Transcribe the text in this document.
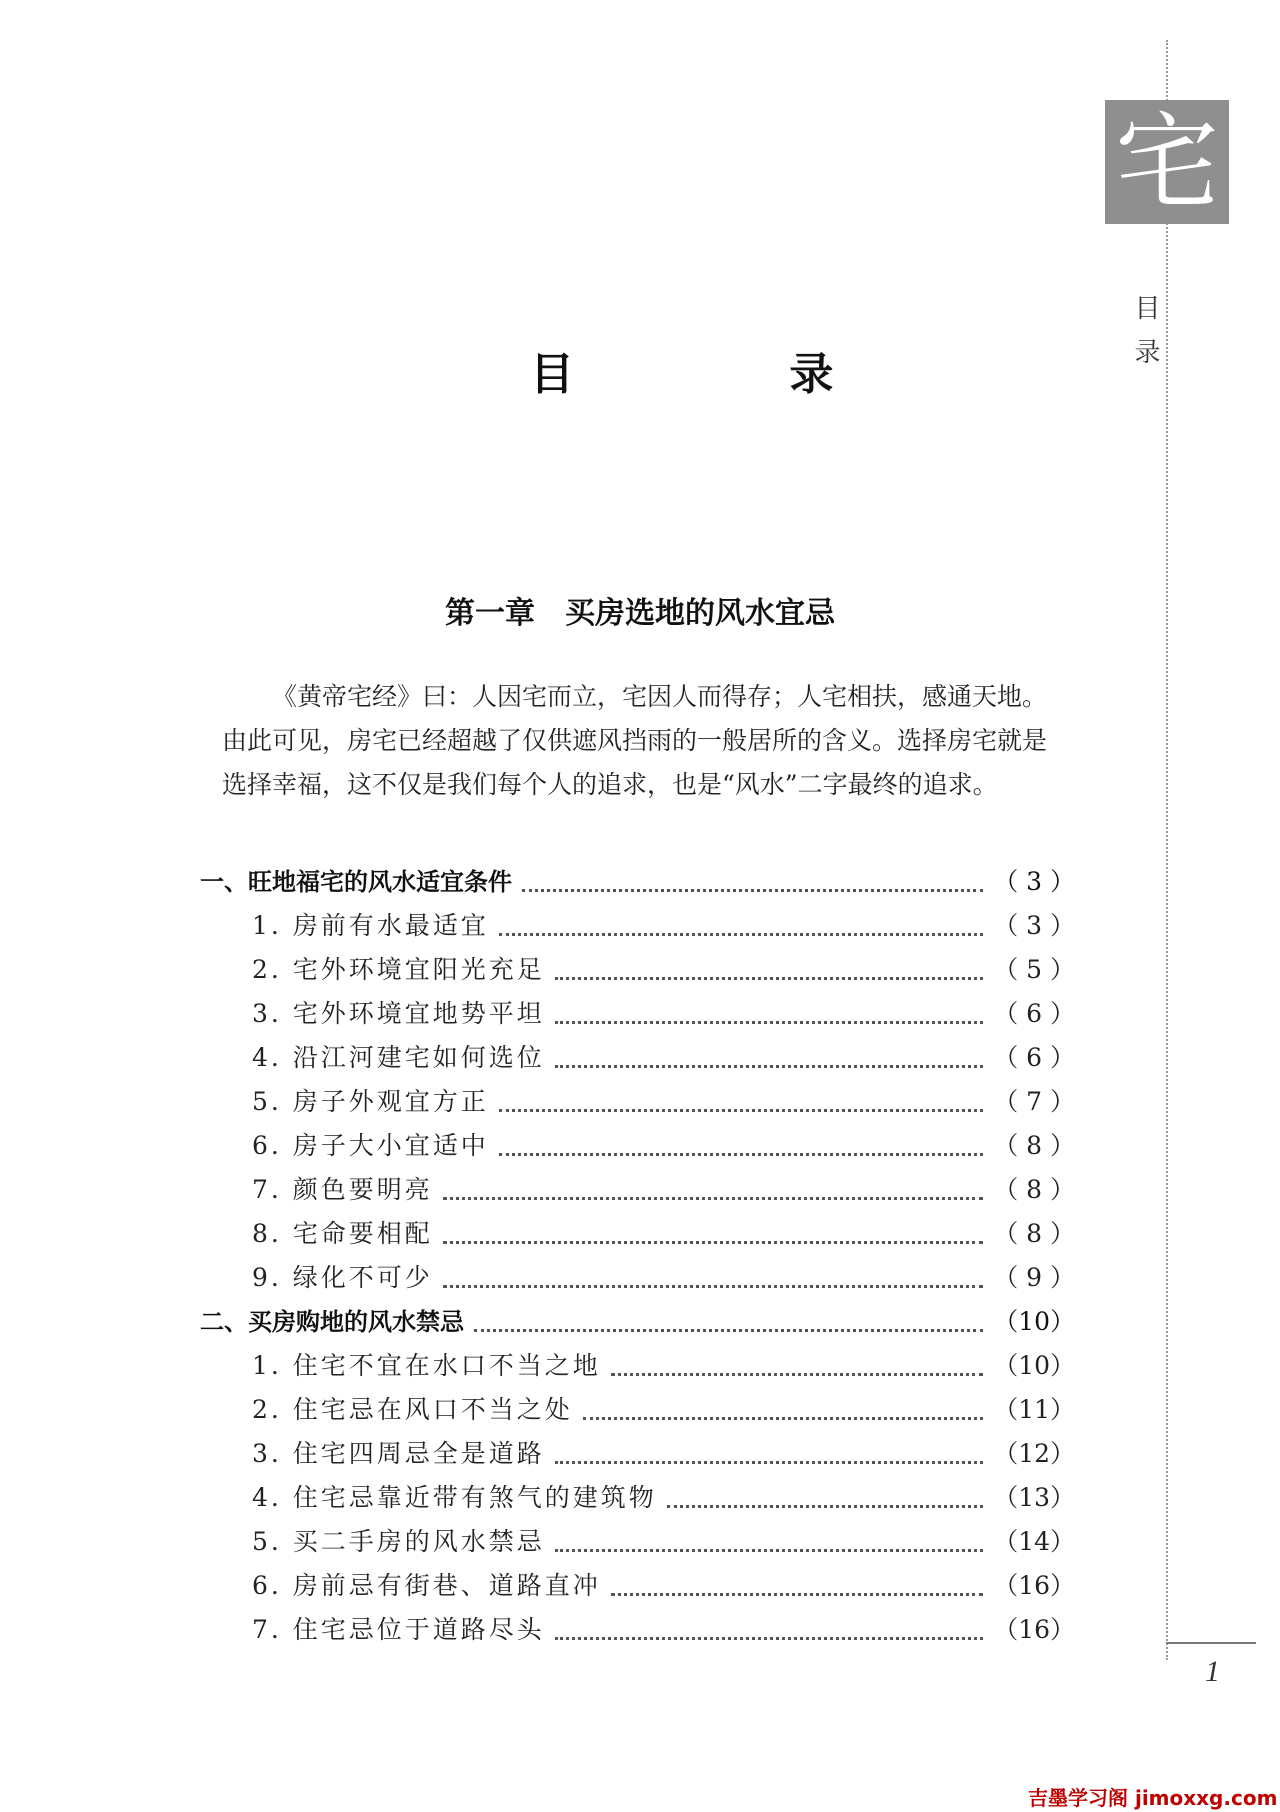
宅
目录
目 录
第一章　买房选地的风水宜忌

《黄帝宅经》曰：人因宅而立，宅因人而得存；人宅相扶，感通天地。由此可见，房宅已经超越了仅供遮风挡雨的一般居所的含义。选择房宅就是选择幸福，这不仅是我们每个人的追求，也是“风水”二字最终的追求。

一、旺地福宅的风水适宜条件	（ 3 ）
1. 房前有水最适宜	（ 3 ）
2. 宅外环境宜阳光充足	（ 5 ）
3. 宅外环境宜地势平坦	（ 6 ）
4. 沿江河建宅如何选位	（ 6 ）
5. 房子外观宜方正	（ 7 ）
6. 房子大小宜适中	（ 8 ）
7. 颜色要明亮	（ 8 ）
8. 宅命要相配	（ 8 ）
9. 绿化不可少	（ 9 ）
二、买房购地的风水禁忌	（10）
1. 住宅不宜在水口不当之地	（10）
2. 住宅忌在风口不当之处	（11）
3. 住宅四周忌全是道路	（12）
4. 住宅忌靠近带有煞气的建筑物	（13）
5. 买二手房的风水禁忌	（14）
6. 房前忌有街巷、道路直冲	（16）
7. 住宅忌位于道路尽头	（16）
1
吉墨学习阁 jimoxxg.com
